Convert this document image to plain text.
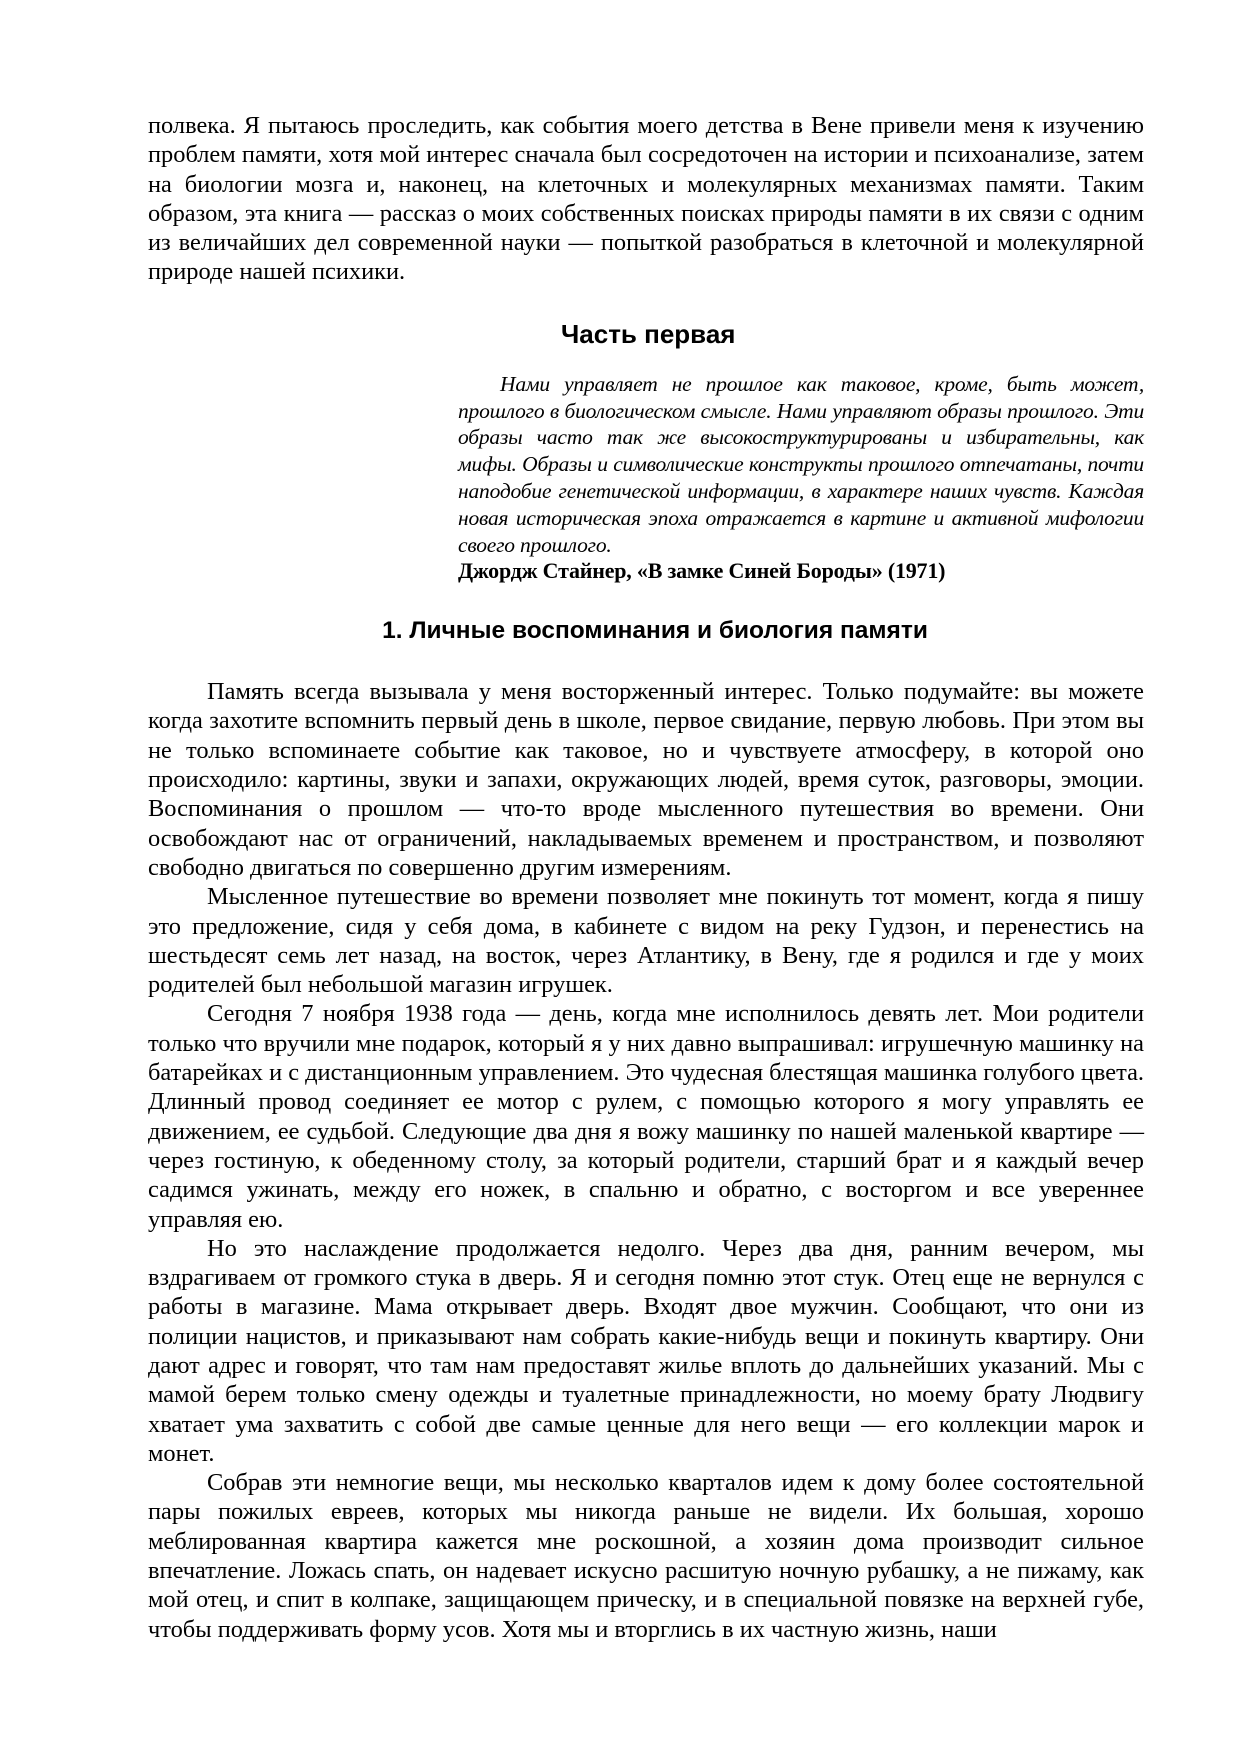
полвека. Я пытаюсь проследить, как события моего детства в Вене привели меня к изучению проблем памяти, хотя мой интерес сначала был сосредоточен на истории и психоанализе, затем на биологии мозга и, наконец, на клеточных и молекулярных механизмах памяти. Таким образом, эта книга — рассказ о моих собственных поисках природы памяти в их связи с одним из величайших дел современной науки — попыткой разобраться в клеточной и молекулярной природе нашей психики.

Часть первая

Нами управляет не прошлое как таковое, кроме, быть может, прошлого в биологическом смысле. Нами управляют образы прошлого. Эти образы часто так же высокоструктурированы и избирательны, как мифы. Образы и символические конструкты прошлого отпечатаны, почти наподобие генетической информации, в характере наших чувств. Каждая новая историческая эпоха отражается в картине и активной мифологии своего прошлого.

Джордж Стайнер, «В замке Синей Бороды» (1971)

1. Личные воспоминания и биология памяти

Память всегда вызывала у меня восторженный интерес. Только подумайте: вы можете когда захотите вспомнить первый день в школе, первое свидание, первую любовь. При этом вы не только вспоминаете событие как таковое, но и чувствуете атмосферу, в которой оно происходило: картины, звуки и запахи, окружающих людей, время суток, разговоры, эмоции. Воспоминания о прошлом — что-то вроде мысленного путешествия во времени. Они освобождают нас от ограничений, накладываемых временем и пространством, и позволяют свободно двигаться по совершенно другим измерениям.

Мысленное путешествие во времени позволяет мне покинуть тот момент, когда я пишу это предложение, сидя у себя дома, в кабинете с видом на реку Гудзон, и перенестись на шестьдесят семь лет назад, на восток, через Атлантику, в Вену, где я родился и где у моих родителей был небольшой магазин игрушек.

Сегодня 7 ноября 1938 года — день, когда мне исполнилось девять лет. Мои родители только что вручили мне подарок, который я у них давно выпрашивал: игрушечную машинку на батарейках и с дистанционным управлением. Это чудесная блестящая машинка голубого цвета. Длинный провод соединяет ее мотор с рулем, с помощью которого я могу управлять ее движением, ее судьбой. Следующие два дня я вожу машинку по нашей маленькой квартире — через гостиную, к обеденному столу, за который родители, старший брат и я каждый вечер садимся ужинать, между его ножек, в спальню и обратно, с восторгом и все увереннее управляя ею.

Но это наслаждение продолжается недолго. Через два дня, ранним вечером, мы вздрагиваем от громкого стука в дверь. Я и сегодня помню этот стук. Отец еще не вернулся с работы в магазине. Мама открывает дверь. Входят двое мужчин. Сообщают, что они из полиции нацистов, и приказывают нам собрать какие-нибудь вещи и покинуть квартиру. Они дают адрес и говорят, что там нам предоставят жилье вплоть до дальнейших указаний. Мы с мамой берем только смену одежды и туалетные принадлежности, но моему брату Людвигу хватает ума захватить с собой две самые ценные для него вещи — его коллекции марок и монет.

Собрав эти немногие вещи, мы несколько кварталов идем к дому более состоятельной пары пожилых евреев, которых мы никогда раньше не видели. Их большая, хорошо меблированная квартира кажется мне роскошной, а хозяин дома производит сильное впечатление. Ложась спать, он надевает искусно расшитую ночную рубашку, а не пижаму, как мой отец, и спит в колпаке, защищающем прическу, и в специальной повязке на верхней губе, чтобы поддерживать форму усов. Хотя мы и вторглись в их частную жизнь, наши
